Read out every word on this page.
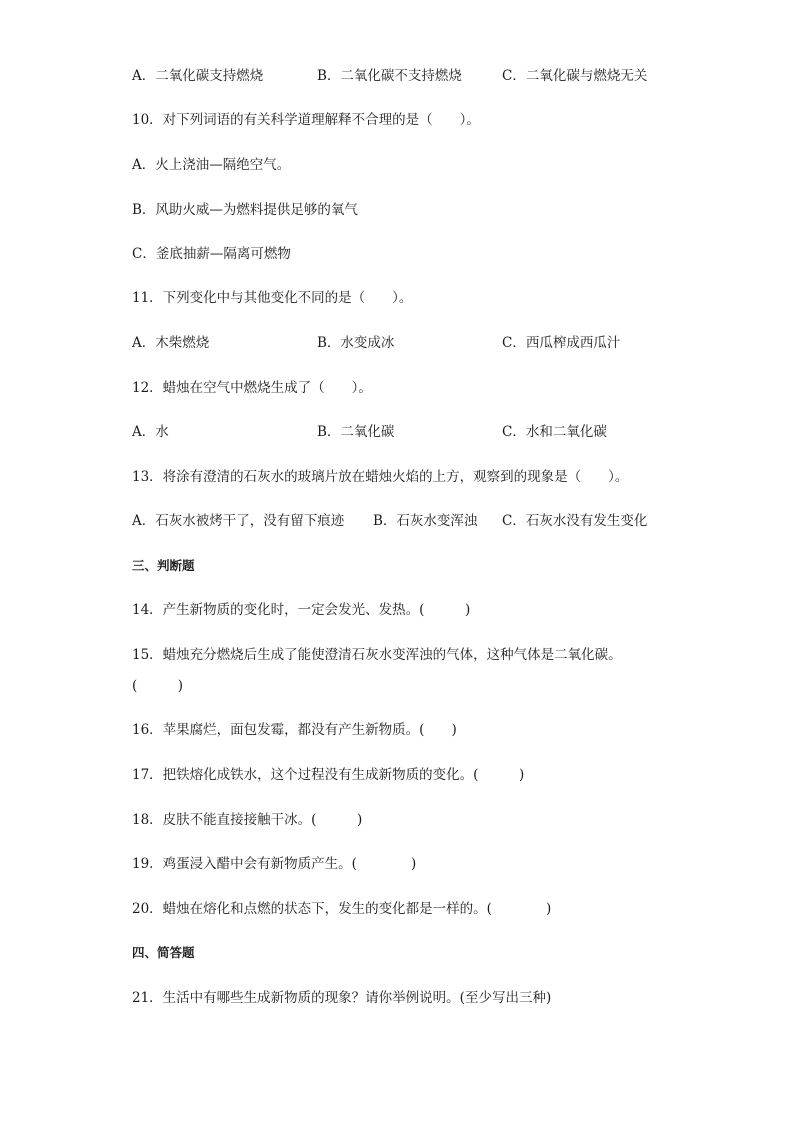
A．二氧化碳支持燃烧	B．二氧化碳不支持燃烧	C．二氧化碳与燃烧无关
10．对下列词语的有关科学道理解释不合理的是（　　）。
A．火上浇油—隔绝空气。
B．风助火威—为燃料提供足够的氧气
C．釜底抽薪—隔离可燃物
11．下列变化中与其他变化不同的是（　　）。
A．木柴燃烧	B．水变成冰	C．西瓜榨成西瓜汁
12．蜡烛在空气中燃烧生成了（　　）。
A．水	B．二氧化碳	C．水和二氧化碳
13．将涂有澄清的石灰水的玻璃片放在蜡烛火焰的上方，观察到的现象是（　　）。
A．石灰水被烤干了，没有留下痕迹 B．石灰水变浑浊 C．石灰水没有发生变化
三、判断题
14．产生新物质的变化时，一定会发光、发热。(　　　)
15．蜡烛充分燃烧后生成了能使澄清石灰水变浑浊的气体，这种气体是二氧化碳。
(　　　)
16．苹果腐烂，面包发霉，都没有产生新物质。(　　)
17．把铁熔化成铁水，这个过程没有生成新物质的变化。(　　　)
18．皮肤不能直接接触干冰。(　　　)
19．鸡蛋浸入醋中会有新物质产生。(　　　　)
20．蜡烛在熔化和点燃的状态下，发生的变化都是一样的。(　　　　)
四、简答题
21．生活中有哪些生成新物质的现象？请你举例说明。(至少写出三种)
